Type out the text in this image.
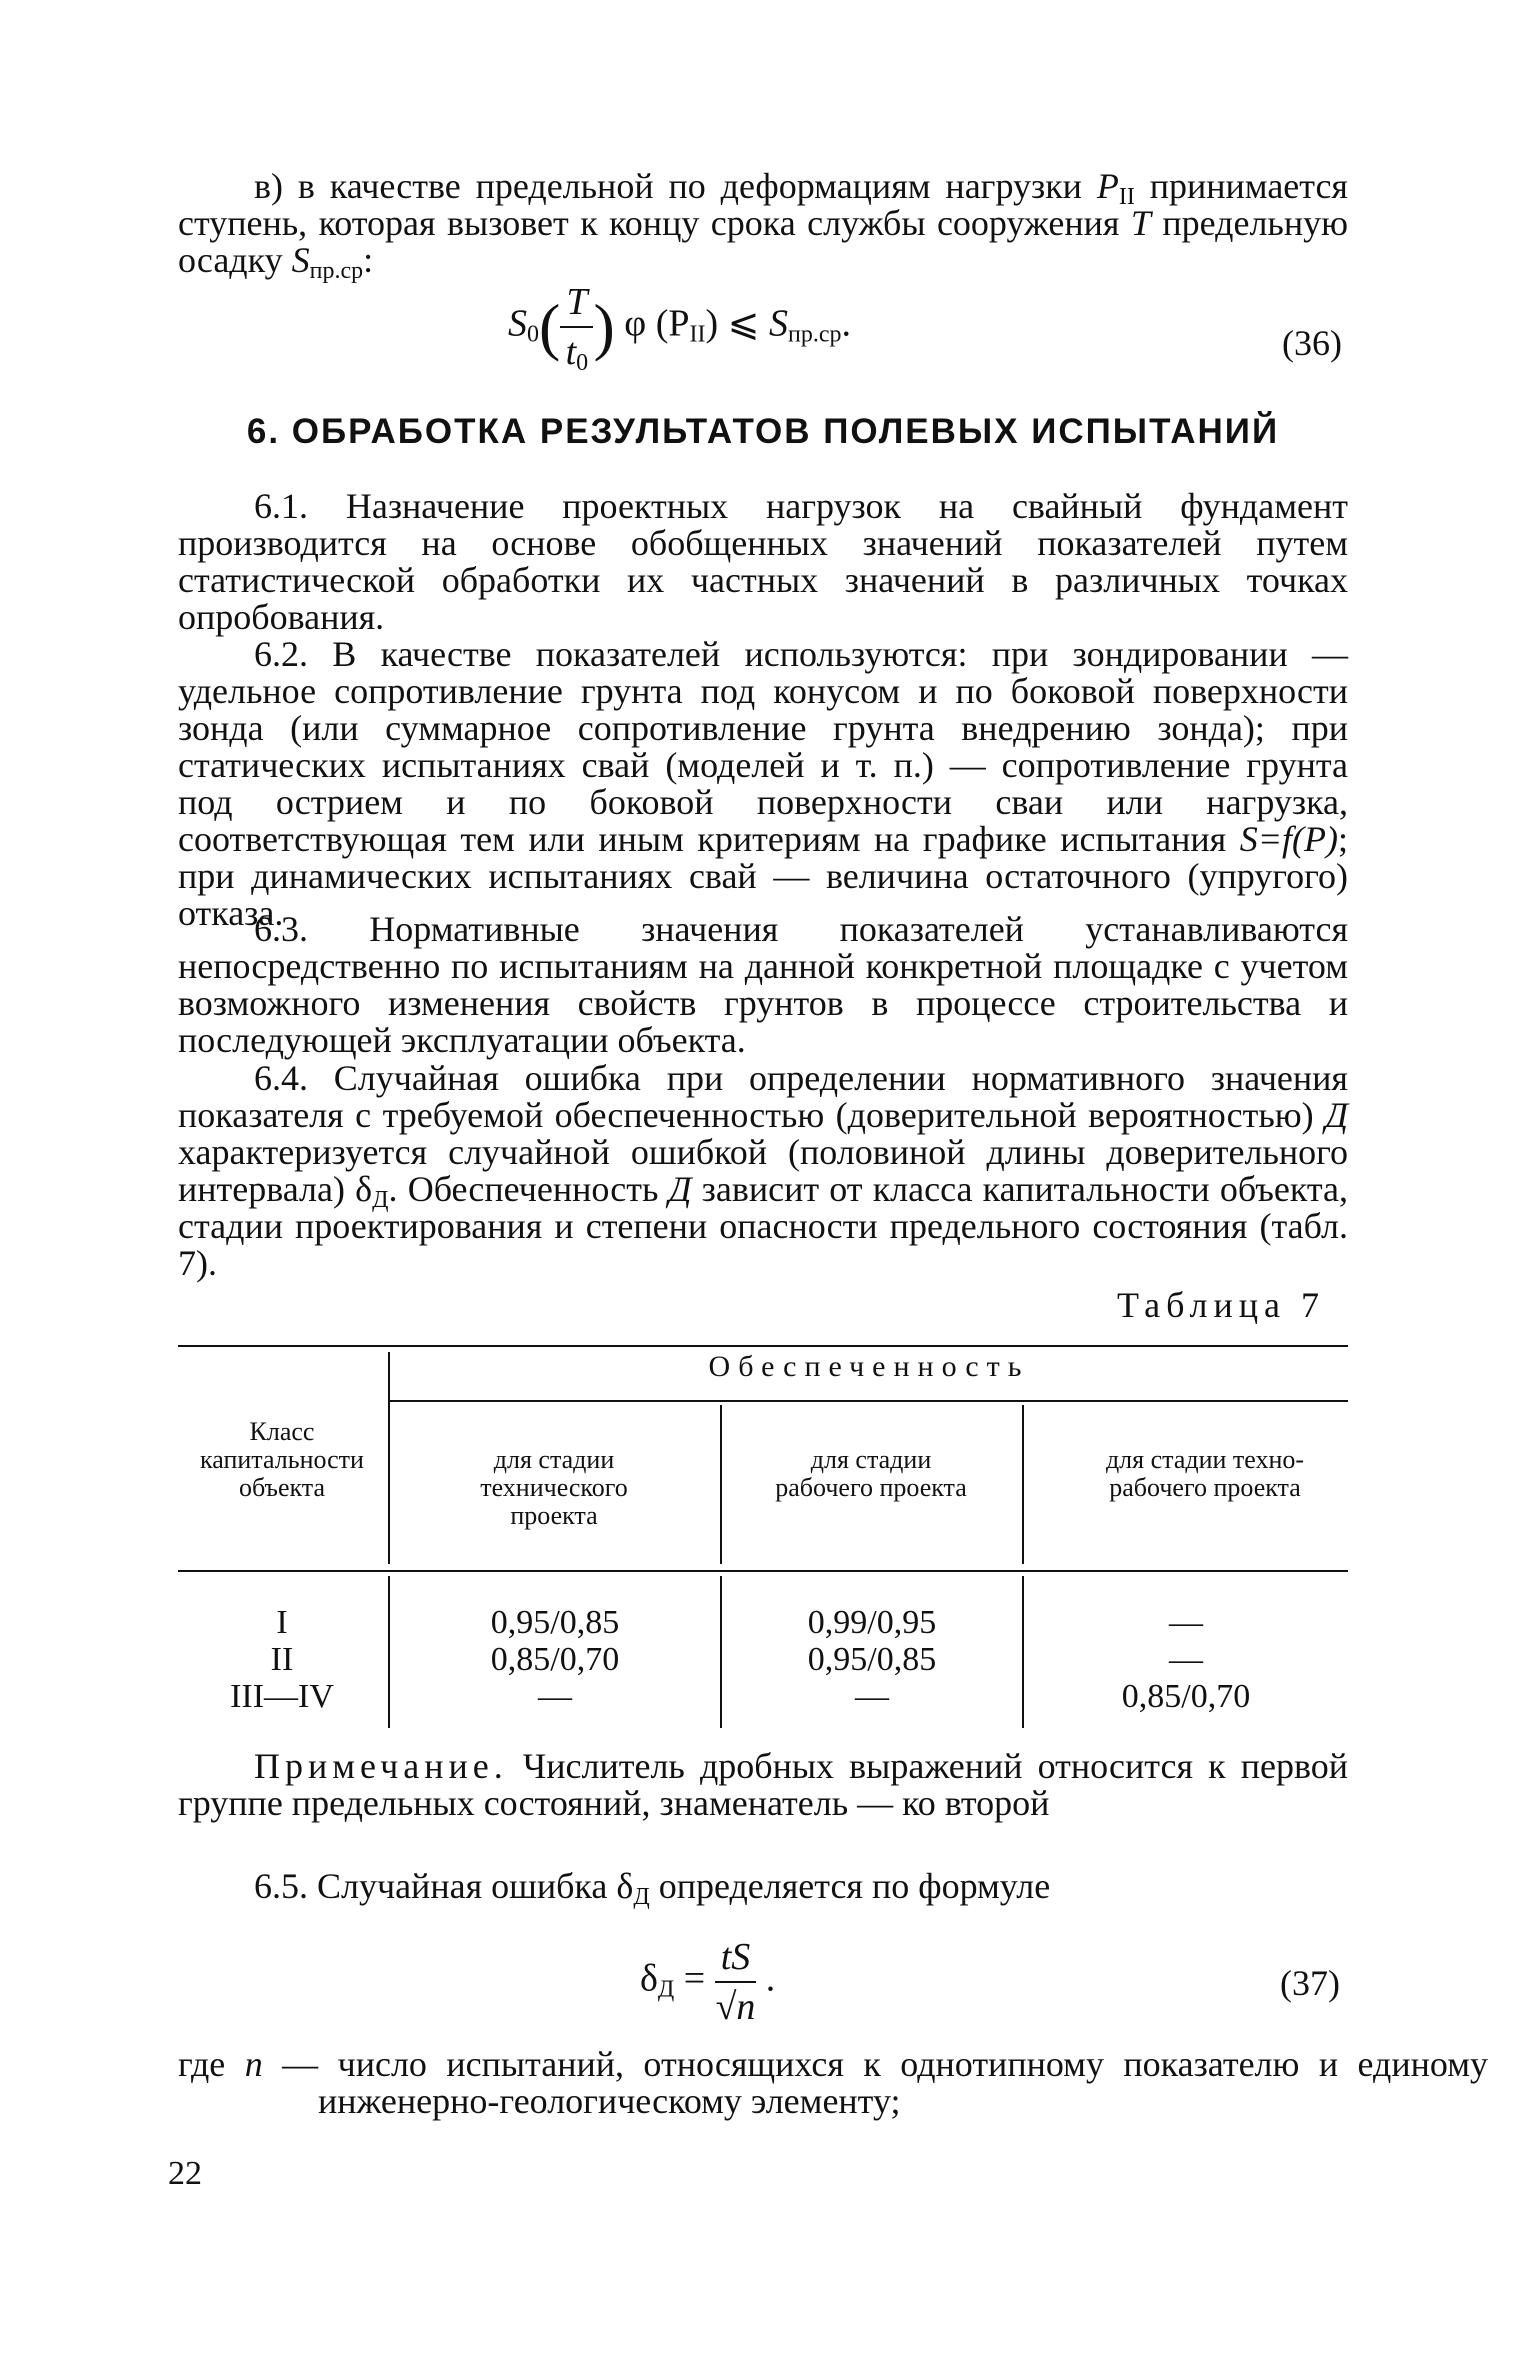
в) в качестве предельной по деформациям нагрузки $P_{II}$ принимается ступень, которая вызовет к концу срока службы сооружения T предельную осадку $S_{пр.ср}$:

$S_0( \frac{T}{t_0}$ ) φ $(P_{II})$ ⩽ $S_{пр.ср}$.	(36)
6. ОБРАБОТКА РЕЗУЛЬТАТОВ ПОЛЕВЫХ ИСПЫТАНИЙ

6.1. Назначение проектных нагрузок на свайный фундамент производится на основе обобщенных значений показателей путем статистической обработки их частных значений в различных точках опробования.

6.2. В качестве показателей используются: при зондировании — удельное сопротивление грунта под конусом и по боковой поверхности зонда (или суммарное сопротивление грунта внедрению зонда); при статических испытаниях свай (моделей и т. п.) — сопротивление грунта под острием и по боковой поверхности сваи или нагрузка, соответствующая тем или иным критериям на графике испытания S=f(P); при динамических испытаниях свай — величина остаточного (упругого) отказа.

6.3. Нормативные значения показателей устанавливаются непосредственно по испытаниям на данной конкретной площадке с учетом возможного изменения свойств грунтов в процессе строительства и последующей эксплуатации объекта.

6.4. Случайная ошибка при определении нормативного значения показателя с требуемой обеспеченностью (доверительной вероятностью) Д характеризуется случайной ошибкой (половиной длины доверительного интервала) $\delta_Д$. Обеспеченность Д зависит от класса капитальности объекта, стадии проектирования и степени опасности предельного состояния (табл. 7).

Таблица 7
Обеспеченность
Класс капитальности объекта
для стадии технического проекта
для стадии рабочего проекта
для стадии техно-рабочего проекта
I	0,95/0,85	0,99/0,95	—
II	0,85/0,70	0,95/0,85	—
III—IV	—	—	0,85/0,70

Примечание. Числитель дробных выражений относится к первой группе предельных состояний, знаменатель — ко второй

6.5. Случайная ошибка $\delta_Д$ определяется по формуле

$\delta_Д = \frac{tS}{√n}$ .	(37)

где n — число испытаний, относящихся к однотипному показателю и единому инженерно-геологическому элементу;

22
